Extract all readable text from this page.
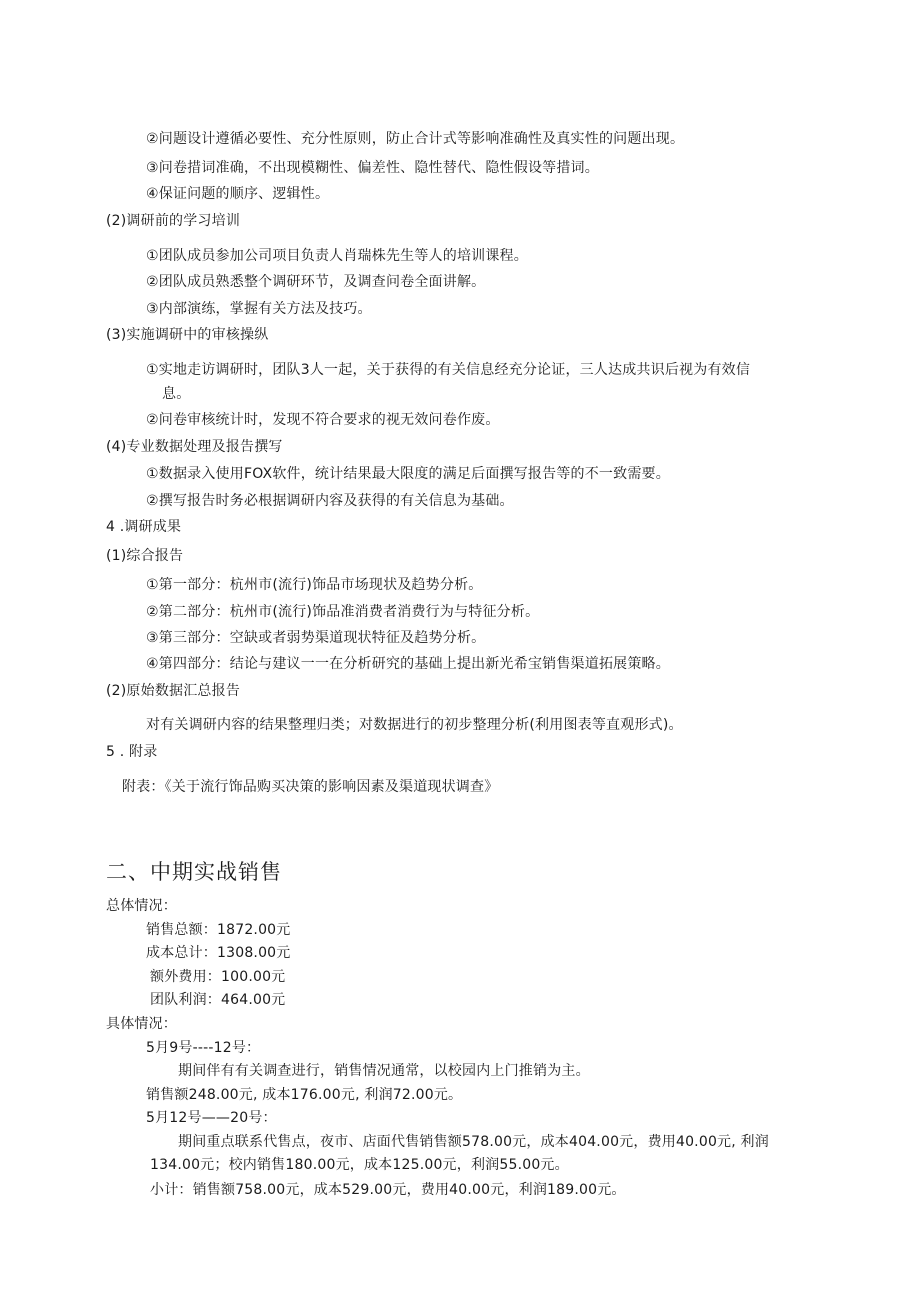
②问题设计遵循必要性、充分性原则，防止合计式等影响准确性及真实性的问题出现。
③问卷措词准确，不出现模糊性、偏差性、隐性替代、隐性假设等措词。
④保证问题的顺序、逻辑性。
(2)调研前的学习培训
①团队成员参加公司项目负责人肖瑞株先生等人的培训课程。
②团队成员熟悉整个调研环节，及调查问卷全面讲解。
③内部演练，掌握有关方法及技巧。
(3)实施调研中的审核操纵
①实地走访调研时，团队3人一起，关于获得的有关信息经充分论证，三人达成共识后视为有效信
息。
②问卷审核统计时，发现不符合要求的视无效问卷作废。
(4)专业数据处理及报告撰写
①数据录入使用FOX软件，统计结果最大限度的满足后面撰写报告等的不一致需要。
②撰写报告时务必根据调研内容及获得的有关信息为基础。
4 .调研成果
(1)综合报告
①第一部分：杭州市(流行)饰品市场现状及趋势分析。
②第二部分：杭州市(流行)饰品准消费者消费行为与特征分析。
③第三部分：空缺或者弱势渠道现状特征及趋势分析。
④第四部分：结论与建议一一在分析研究的基础上提出新光希宝销售渠道拓展策略。
(2)原始数据汇总报告
对有关调研内容的结果整理归类；对数据进行的初步整理分析(利用图表等直观形式)。
5 . 附录
附表：《关于流行饰品购买决策的影响因素及渠道现状调查》
二、中期实战销售
总体情况：
销售总额：1872.00元
成本总计：1308.00元
额外费用：100.00元
团队利润：464.00元
具体情况：
5月9号----12号：
期间伴有有关调查进行，销售情况通常，以校园内上门推销为主。
销售额248.00元, 成本176.00元, 利润72.00元。
5月12号——20号：
期间重点联系代售点，夜市、店面代售销售额578.00元，成本404.00元，费用40.00元, 利润
134.00元；校内销售180.00元，成本125.00元，利润55.00元。
小计：销售额758.00元，成本529.00元，费用40.00元，利润189.00元。
